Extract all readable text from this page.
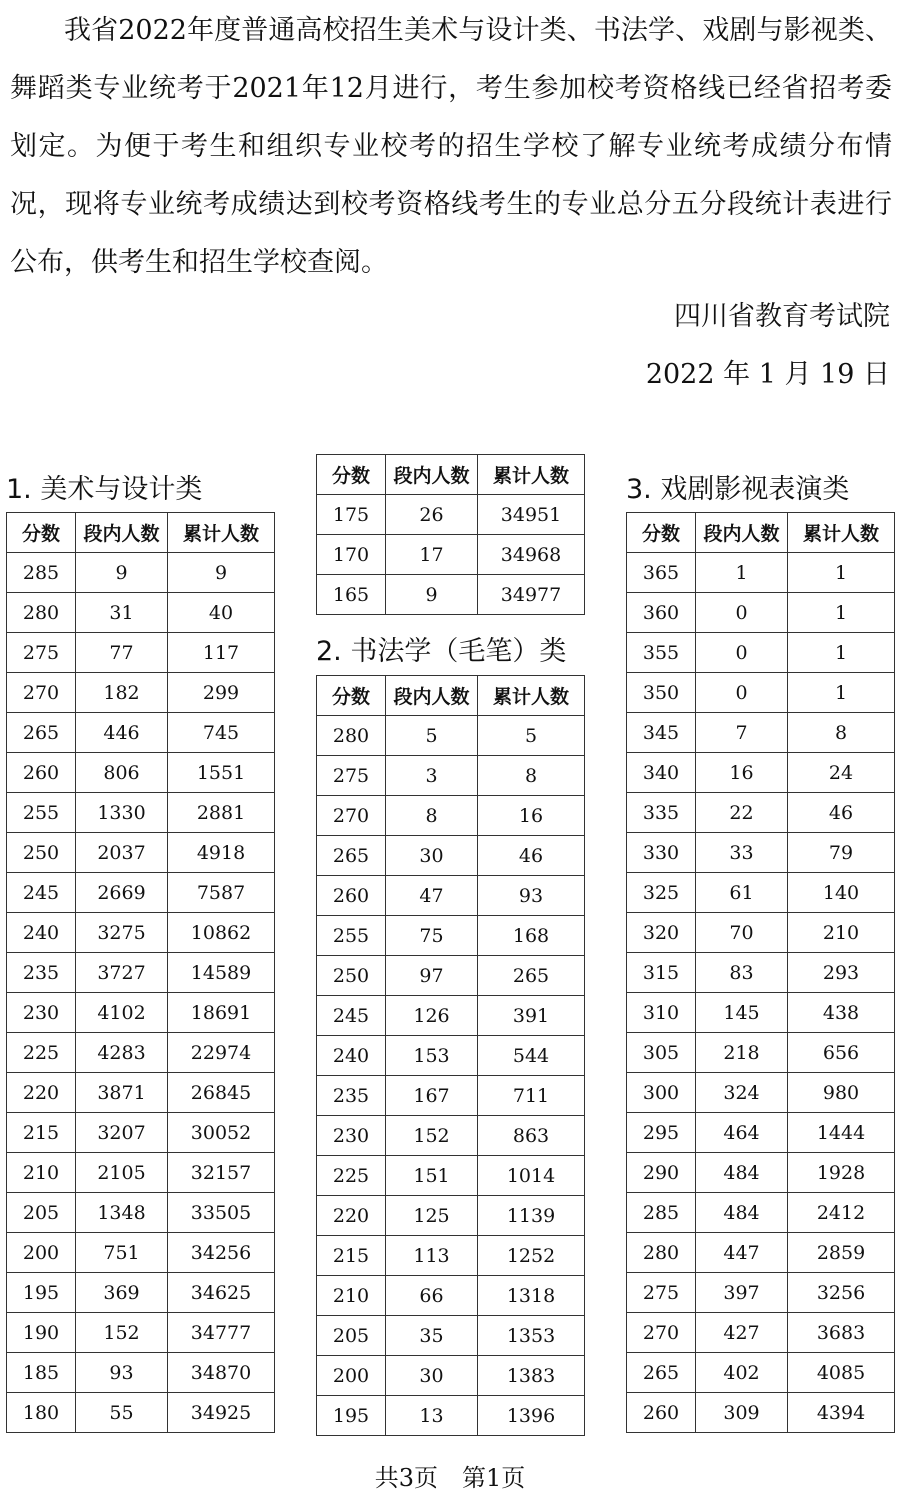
我省2022年度普通高校招生美术与设计类、书法学、戏剧与影视类、舞蹈类专业统考于2021年12月进行，考生参加校考资格线已经省招考委划定。为便于考生和组织专业校考的招生学校了解专业统考成绩分布情况，现将专业统考成绩达到校考资格线考生的专业总分五分段统计表进行公布，供考生和招生学校查阅。

四川省教育考试院
2022 年 1 月 19 日
1. 美术与设计类
分数	段内人数	累计人数
285	9	9
280	31	40
275	77	117
270	182	299
265	446	745
260	806	1551
255	1330	2881
250	2037	4918
245	2669	7587
240	3275	10862
235	3727	14589
230	4102	18691
225	4283	22974
220	3871	26845
215	3207	30052
210	2105	32157
205	1348	33505
200	751	34256
195	369	34625
190	152	34777
185	93	34870
180	55	34925
分数	段内人数	累计人数
175	26	34951
170	17	34968
165	9	34977
2. 书法学（毛笔）类
分数	段内人数	累计人数
280	5	5
275	3	8
270	8	16
265	30	46
260	47	93
255	75	168
250	97	265
245	126	391
240	153	544
235	167	711
230	152	863
225	151	1014
220	125	1139
215	113	1252
210	66	1318
205	35	1353
200	30	1383
195	13	1396
3. 戏剧影视表演类
分数	段内人数	累计人数
365	1	1
360	0	1
355	0	1
350	0	1
345	7	8
340	16	24
335	22	46
330	33	79
325	61	140
320	70	210
315	83	293
310	145	438
305	218	656
300	324	980
295	464	1444
290	484	1928
285	484	2412
280	447	2859
275	397	3256
270	427	3683
265	402	4085
260	309	4394
共3页　第1页
